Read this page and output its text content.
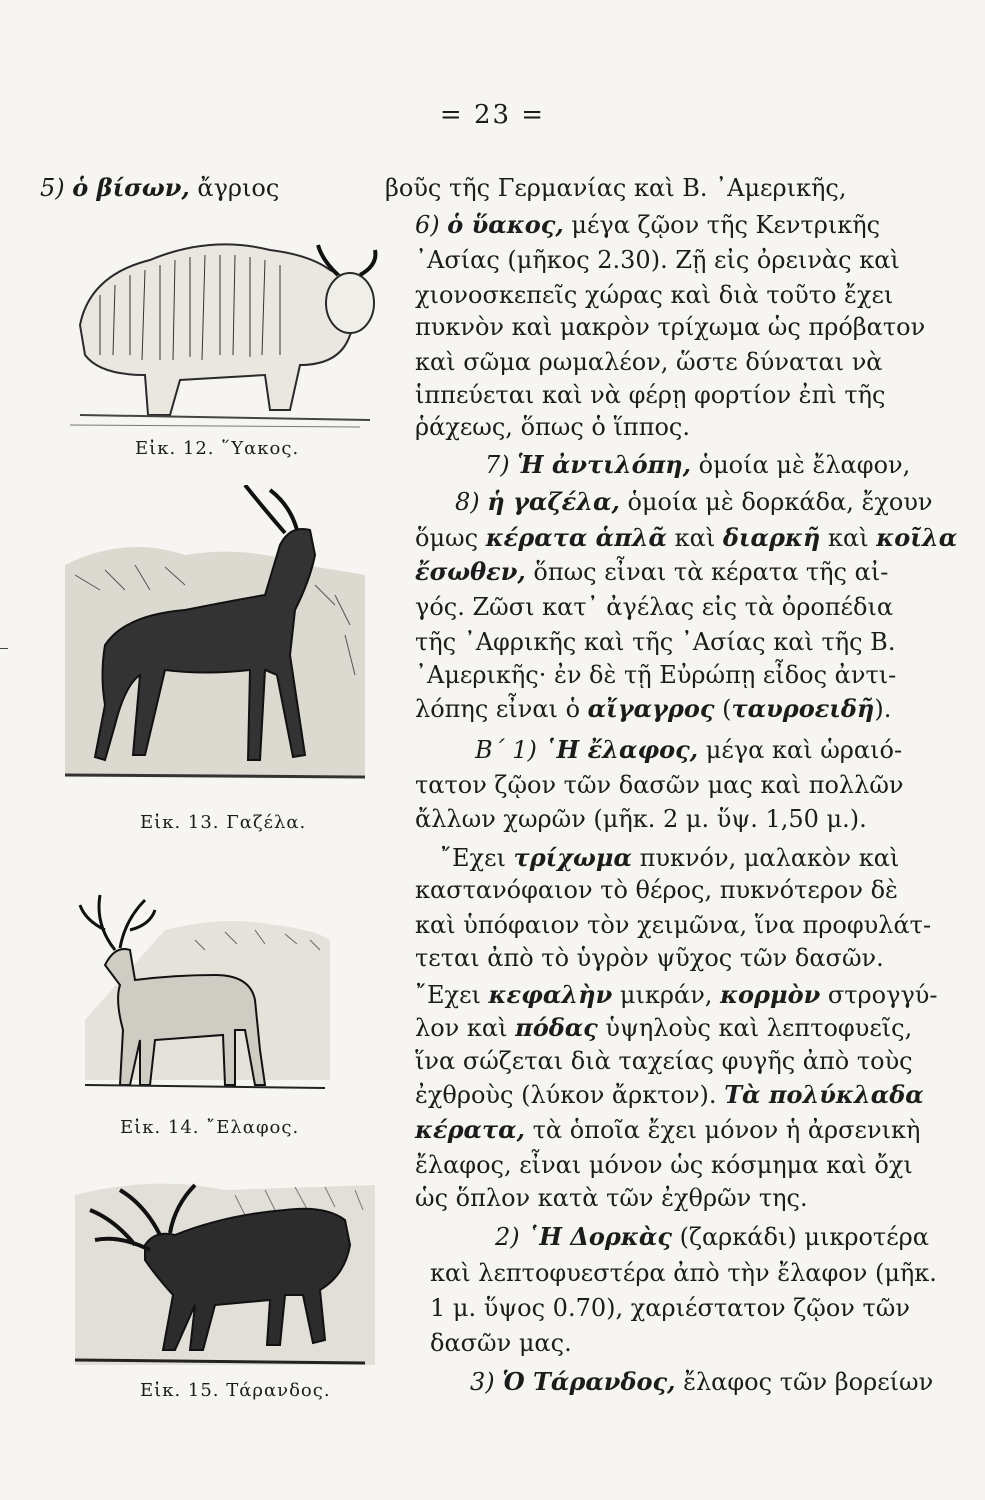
= 23 =
5) ὁ βίσων, ἄγριος	βοῦς τῆς Γερμανίας καὶ Β. ᾿Αμερικῆς,
6) ὁ ὕακος, μέγα ζῷον τῆς Κεντρικῆς
᾿Ασίας (μῆκος 2.30). Ζῇ εἰς ὀρεινὰς καὶ
χιονοσκεπεῖς χώρας καὶ διὰ τοῦτο ἔχει
πυκνὸν καὶ μακρὸν τρίχωμα ὡς πρόβατον
καὶ σῶμα ρωμαλέον, ὥστε δύναται νὰ
ἱππεύεται καὶ νὰ φέρῃ φορτίον ἐπὶ τῆς
ῥάχεως, ὅπως ὁ ἵππος.
7) Ἡ ἀντιλόπη, ὁμοία μὲ ἔλαφον,
8) ἡ γαζέλα, ὁμοία μὲ δορκάδα, ἔχουν
ὅμως κέρατα ἁπλᾶ καὶ διαρκῆ καὶ κοῖλα
ἔσωθεν, ὅπως εἶναι τὰ κέρατα τῆς αἰ-
γός. Ζῶσι κατ᾿ ἀγέλας εἰς τὰ ὀροπέδια
τῆς ᾿Αφρικῆς καὶ τῆς ᾿Ασίας καὶ τῆς Β.
᾿Αμερικῆς· ἐν δὲ τῇ Εὐρώπῃ εἶδος ἀντι-
λόπης εἶναι ὁ αἴγαγρος (ταυροειδῆ).
Β΄ 1) ῾Η ἔλαφος, μέγα καὶ ὡραιό-
τατον ζῷον τῶν δασῶν μας καὶ πολλῶν
ἄλλων χωρῶν (μῆκ. 2 μ. ὕψ. 1,50 μ.).
῎Εχει τρίχωμα πυκνόν, μαλακὸν καὶ
καστανόφαιον τὸ θέρος, πυκνότερον δὲ
καὶ ὑπόφαιον τὸν χειμῶνα, ἵνα προφυλάτ-
τεται ἀπὸ τὸ ὑγρὸν ψῦχος τῶν δασῶν.
῎Εχει κεφαλὴν μικράν, κορμὸν στρογγύ-
λον καὶ πόδας ὑψηλοὺς καὶ λεπτοφυεῖς,
ἵνα σώζεται διὰ ταχείας φυγῆς ἀπὸ τοὺς
ἐχθροὺς (λύκον ἄρκτον). Τὰ πολύκλαδα
κέρατα, τὰ ὁποῖα ἔχει μόνον ἡ ἀρσενικὴ
ἔλαφος, εἶναι μόνον ὡς κόσμημα καὶ ὄχι
ὡς ὅπλον κατὰ τῶν ἐχθρῶν της.
2) ῾Η Δορκὰς (ζαρκάδι) μικροτέρα
καὶ λεπτοφυεστέρα ἀπὸ τὴν ἔλαφον (μῆκ.
1 μ. ὕψος 0.70), χαριέστατον ζῷον τῶν
δασῶν μας.
3) Ὁ Τάρανδος, ἔλαφος τῶν βορείων
Εἰκ. 12. ῞Υακος.
Εἰκ. 13. Γαζέλα.
Εἰκ. 14. ῎Ελαφος.
Εἰκ. 15. Τάρανδος.
